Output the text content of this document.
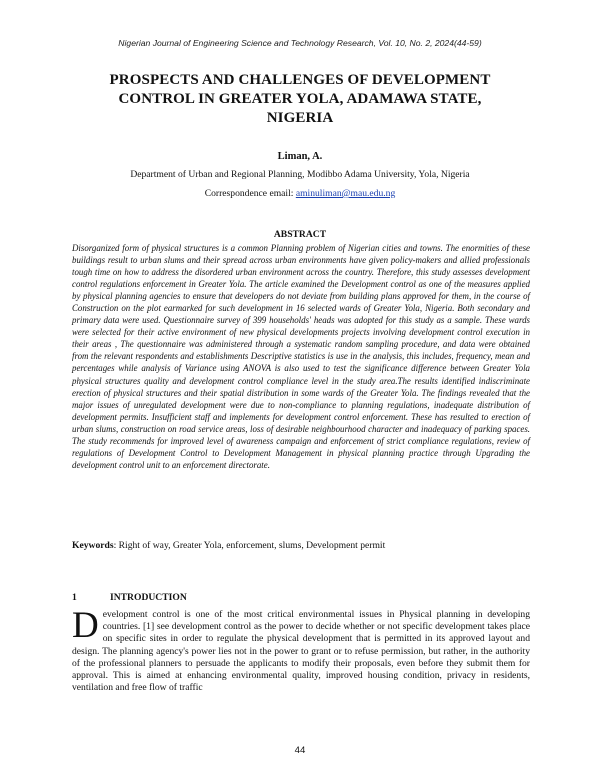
Nigerian Journal of Engineering Science and Technology Research, Vol. 10, No. 2, 2024(44-59)
PROSPECTS AND CHALLENGES OF DEVELOPMENT CONTROL IN GREATER YOLA, ADAMAWA STATE, NIGERIA
Liman, A.
Department of Urban and Regional Planning, Modibbo Adama University, Yola, Nigeria
Correspondence email: aminuliman@mau.edu.ng
ABSTRACT
Disorganized form of physical structures is a common Planning problem of Nigerian cities and towns. The enormities of these buildings result to urban slums and their spread across urban environments have given policy-makers and allied professionals tough time on how to address the disordered urban environment across the country. Therefore, this study assesses development control regulations enforcement in Greater Yola. The article examined the Development control as one of the measures applied by physical planning agencies to ensure that developers do not deviate from building plans approved for them, in the course of Construction on the plot earmarked for such development in 16 selected wards of Greater Yola, Nigeria. Both secondary and primary data were used. Questionnaire survey of 399 households' heads was adopted for this study as a sample. These wards were selected for their active environment of new physical developments projects involving development control execution in their areas , The questionnaire was administered through a systematic random sampling procedure, and data were obtained from the relevant respondents and establishments Descriptive statistics is use in the analysis, this includes, frequency, mean and percentages while analysis of Variance using ANOVA is also used to test the significance difference between Greater Yola physical structures quality and development control compliance level in the study area.The results identified indiscriminate erection of physical structures and their spatial distribution in some wards of the Greater Yola. The findings revealed that the major issues of unregulated development were due to non-compliance to planning regulations, inadequate distribution of development permits. Insufficient staff and implements for development control enforcement. These has resulted to erection of urban slums, construction on road service areas, loss of desirable neighbourhood character and inadequacy of parking spaces. The study recommends for improved level of awareness campaign and enforcement of strict compliance regulations, review of regulations of Development Control to Development Management in physical planning practice through Upgrading the development control unit to an enforcement directorate.
Keywords: Right of way, Greater Yola, enforcement, slums, Development permit
1	INTRODUCTION
Development control is one of the most critical environmental issues in Physical planning in developing countries. [1] see development control as the power to decide whether or not specific development takes place on specific sites in order to regulate the physical development that is permitted in its approved layout and design. The planning agency's power lies not in the power to grant or to refuse permission, but rather, in the authority of the professional planners to persuade the applicants to modify their proposals, even before they submit them for approval. This is aimed at enhancing environmental quality, improved housing condition, privacy in residents, ventilation and free flow of traffic
44
